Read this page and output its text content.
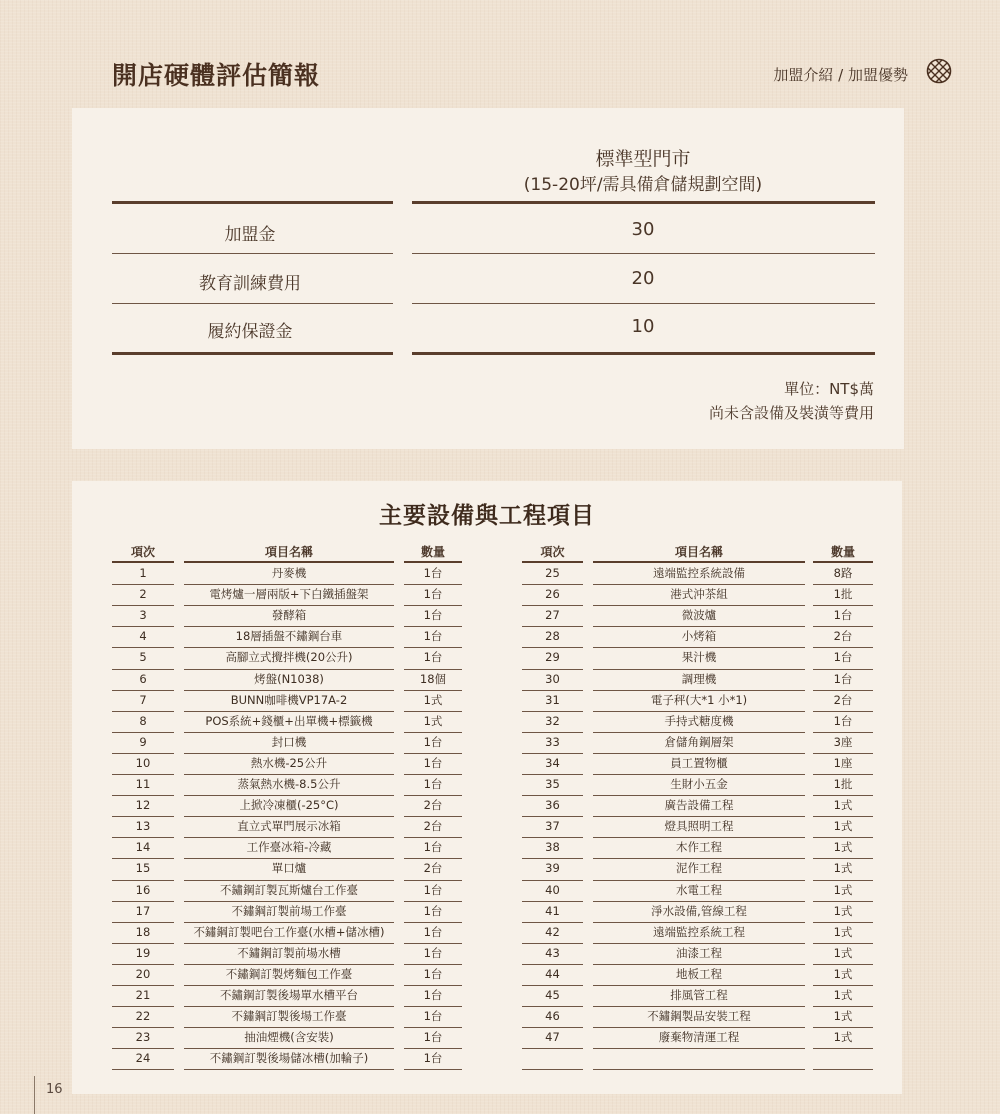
開店硬體評估簡報	加盟介紹 / 加盟優勢
標準型門市
(15-20坪/需具備倉儲規劃空間)
加盟金	30
教育訓練費用	20
履約保證金	10
單位：NT$萬
尚未含設備及裝潢等費用
主要設備與工程項目
項次	項目名稱	數量
1	丹麥機	1台
2	電烤爐一層兩版+下白鐵插盤架	1台
3	發酵箱	1台
4	18層插盤不鏽鋼台車	1台
5	高腳立式攪拌機(20公升)	1台
6	烤盤(N1038)	18個
7	BUNN咖啡機VP17A-2	1式
8	POS系統+錢櫃+出單機+標籤機	1式
9	封口機	1台
10	熱水機-25公升	1台
11	蒸氣熱水機-8.5公升	1台
12	上掀冷凍櫃(-25°C)	2台
13	直立式單門展示冰箱	2台
14	工作臺冰箱-冷藏	1台
15	單口爐	2台
16	不鏽鋼訂製瓦斯爐台工作臺	1台
17	不鏽鋼訂製前場工作臺	1台
18	不鏽鋼訂製吧台工作臺(水槽+儲冰槽)	1台
19	不鏽鋼訂製前場水槽	1台
20	不鏽鋼訂製烤麵包工作臺	1台
21	不鏽鋼訂製後場單水槽平台	1台
22	不鏽鋼訂製後場工作臺	1台
23	抽油煙機(含安裝)	1台
24	不鏽鋼訂製後場儲冰槽(加輪子)	1台
項次	項目名稱	數量
25	遠端監控系統設備	8路
26	港式沖茶組	1批
27	微波爐	1台
28	小烤箱	2台
29	果汁機	1台
30	調理機	1台
31	電子秤(大*1 小*1)	2台
32	手持式糖度機	1台
33	倉儲角鋼層架	3座
34	員工置物櫃	1座
35	生財小五金	1批
36	廣告設備工程	1式
37	燈具照明工程	1式
38	木作工程	1式
39	泥作工程	1式
40	水電工程	1式
41	淨水設備,管線工程	1式
42	遠端監控系統工程	1式
43	油漆工程	1式
44	地板工程	1式
45	排風管工程	1式
46	不鏽鋼製品安裝工程	1式
47	廢棄物清運工程	1式
16
